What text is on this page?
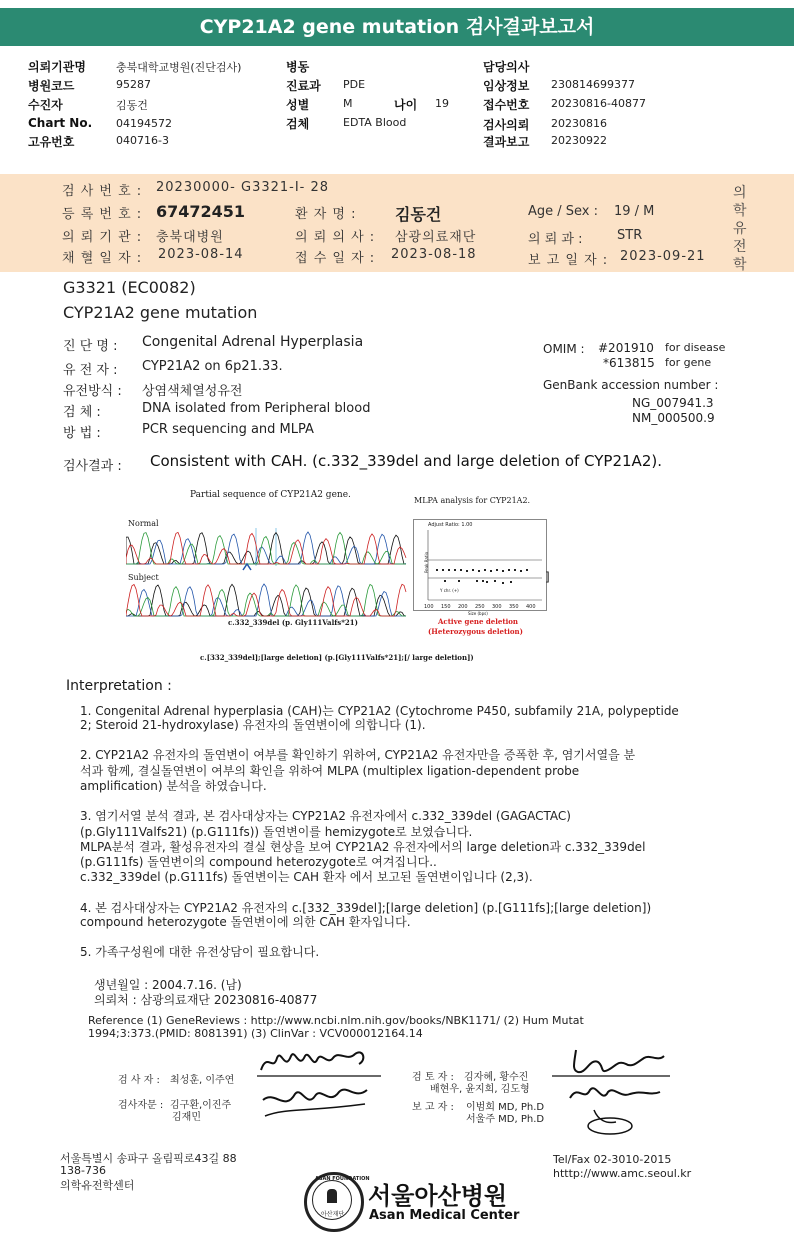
CYP21A2 gene mutation 검사결과보고서
의뢰기관명	충북대학교병원(진단검사)
병원코드	95287
수진자	김동건
Chart No. 04194572
고유번호	040716-3
병동
진료과 PDE
성별	M	나이 19
검체	EDTA Blood
담당의사
임상정보 230814699377
접수번호 20230816-40877
검사의뢰 20230816
결과보고 20230922
검 사 번 호 : 20230000- G3321-I- 28
등 록 번 호 : 67472451	환 자 명 : 김동건	Age / Sex : 19 / M
의 뢰 기 관 : 충북대병원	의 뢰 의 사 : 삼광의료재단	의 뢰 과 :	STR
채 혈 일 자 : 2023-08-14	접 수 일 자 : 2023-08-18	보 고 일 자 : 2023-09-21
의
학
유
전
학
G3321 (EC0082)
CYP21A2 gene mutation
진 단 명 : Congenital Adrenal Hyperplasia
유 전 자 : CYP21A2 on 6p21.33.
유전방식 : 상염색체열성유전
검 체 :	DNA isolated from Peripheral blood
방 법 :	PCR sequencing and MLPA
OMIM : #201910 for disease
*613815 for gene
GenBank accession number :
NG_007941.3
NM_000500.9
검사결과 : Consistent with CAH. (c.332_339del and large deletion of CYP21A2).
Partial sequence of CYP21A2 gene.
Normal
Subject
c.332_339del (p. Gly111Valfs*21)
MLPA analysis for CYP21A2.
Adjust Ratio: 1.00
Peak Ratio
Y chr. (+)
]
100 150 200 250 300 350 400
Size (bps)
Active gene deletion
(Heterozygous deletion)
c.[332_339del];[large deletion] (p.[Gly111Valfs*21];[/ large deletion])
Interpretation :
1. Congenital Adrenal hyperplasia (CAH)는 CYP21A2 (Cytochrome P450, subfamily 21A, polypeptide
2; Steroid 21-hydroxylase) 유전자의 돌연변이에 의합니다 (1).
2. CYP21A2 유전자의 돌연변이 여부를 확인하기 위하여, CYP21A2 유전자만을 증폭한 후, 염기서열을 분
석과 함께, 결실돌연변이 여부의 확인을 위하여 MLPA (multiplex ligation-dependent probe
amplification) 분석을 하였습니다.
3. 염기서열 분석 결과, 본 검사대상자는 CYP21A2 유전자에서 c.332_339del (GAGACTAC)
(p.Gly111Valfs21) (p.G111fs)) 돌연변이를 hemizygote로 보였습니다.
MLPA분석 결과, 활성유전자의 결실 현상을 보여 CYP21A2 유전자에서의 large deletion과 c.332_339del
(p.G111fs) 돌연변이의 compound heterozygote로 여겨집니다..
c.332_339del (p.G111fs) 돌연변이는 CAH 환자 에서 보고된 돌연변이입니다 (2,3).
4. 본 검사대상자는 CYP21A2 유전자의 c.[332_339del];[large deletion] (p.[G111fs];[large deletion])
compound heterozygote 돌연변이에 의한 CAH 환자입니다.
5. 가족구성원에 대한 유전상담이 필요합니다.
생년월일 : 2004.7.16. (남)
의뢰처 : 삼광의료재단 20230816-40877
Reference (1) GeneReviews : http://www.ncbi.nlm.nih.gov/books/NBK1171/ (2) Hum Mutat
1994;3:373.(PMID: 8081391) (3) ClinVar : VCV000012164.14
검 사 자 : 최성훈, 이주연
검사자문 : 김구환,이진주
김재민
검 토 자 : 김자혜, 황수진
배현우, 윤지희, 김도형
보 고 자 : 이범희 MD, Ph.D
서울주 MD, Ph.D
서울특별시 송파구 올림픽로43길 88
138-736
의학유전학센터
Tel/Fax 02-3010-2015
htttp://www.amc.seoul.kr
ASAN FOUNDATION
아산재단
서울아산병원
Asan Medical Center
